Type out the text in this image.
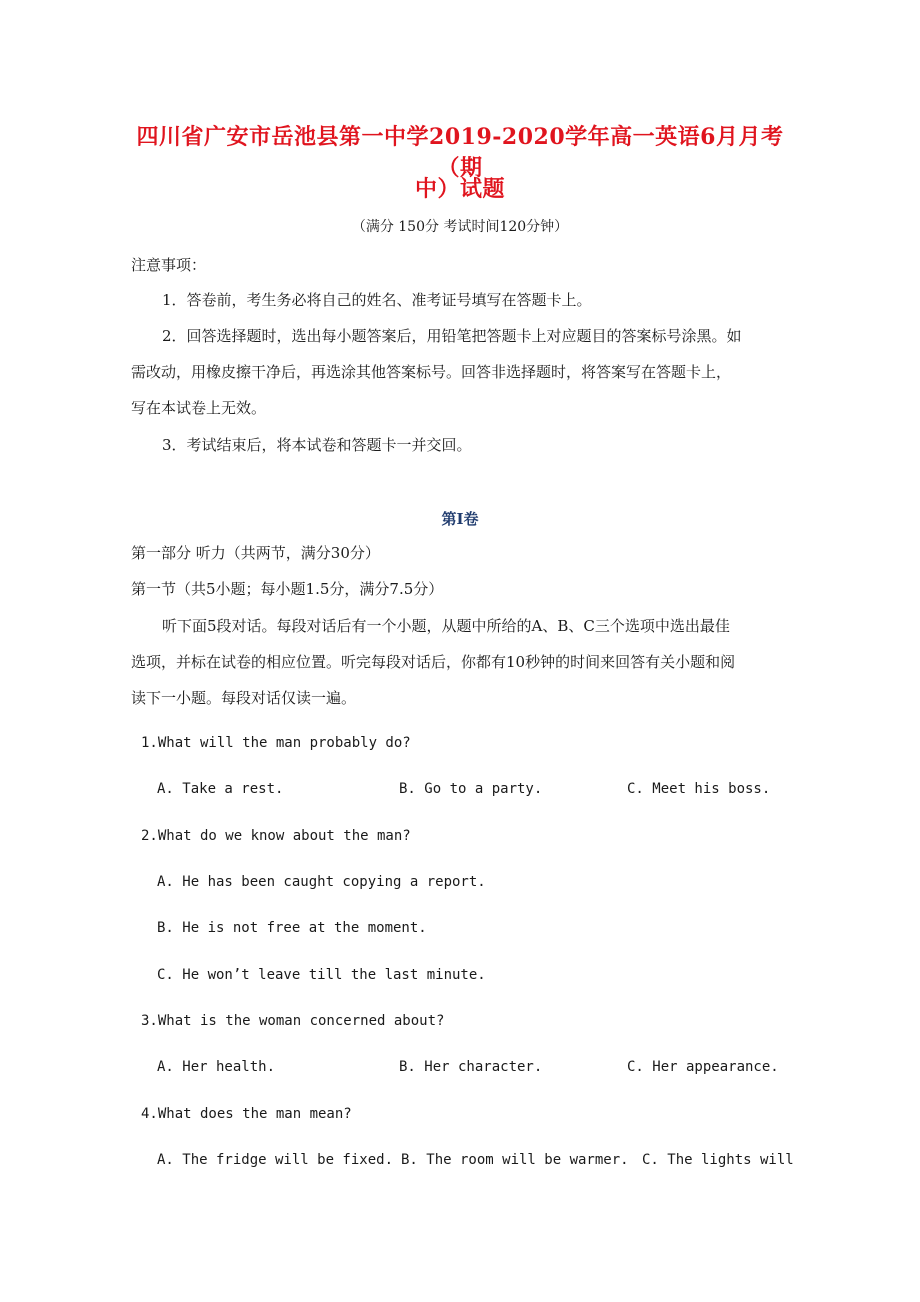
四川省广安市岳池县第一中学2019-2020学年高一英语6月月考（期
中）试题
（满分 150分 考试时间120分钟）
注意事项：
1．答卷前，考生务必将自己的姓名、准考证号填写在答题卡上。
2．回答选择题时，选出每小题答案后，用铅笔把答题卡上对应题目的答案标号涂黑。如
需改动，用橡皮擦干净后，再选涂其他答案标号。回答非选择题时，将答案写在答题卡上，
写在本试卷上无效。
3．考试结束后，将本试卷和答题卡一并交回。
第Ⅰ卷
第一部分 听力（共两节，满分30分）
第一节（共5小题；每小题1.5分，满分7.5分）
听下面5段对话。每段对话后有一个小题，从题中所给的A、B、C三个选项中选出最佳
选项，并标在试卷的相应位置。听完每段对话后，你都有10秒钟的时间来回答有关小题和阅
读下一小题。每段对话仅读一遍。
1.What will the man probably do?
A. Take a rest.	B. Go to a party.	C. Meet his boss.
2.What do we know about the man?
A. He has been caught copying a report.
B. He is not free at the moment.
C. He won’t leave till the last minute.
3.What is the woman concerned about?
A. Her health.	B. Her character.	C. Her appearance.
4.What does the man mean?
A. The fridge will be fixed. B. The room will be warmer. C. The lights will
